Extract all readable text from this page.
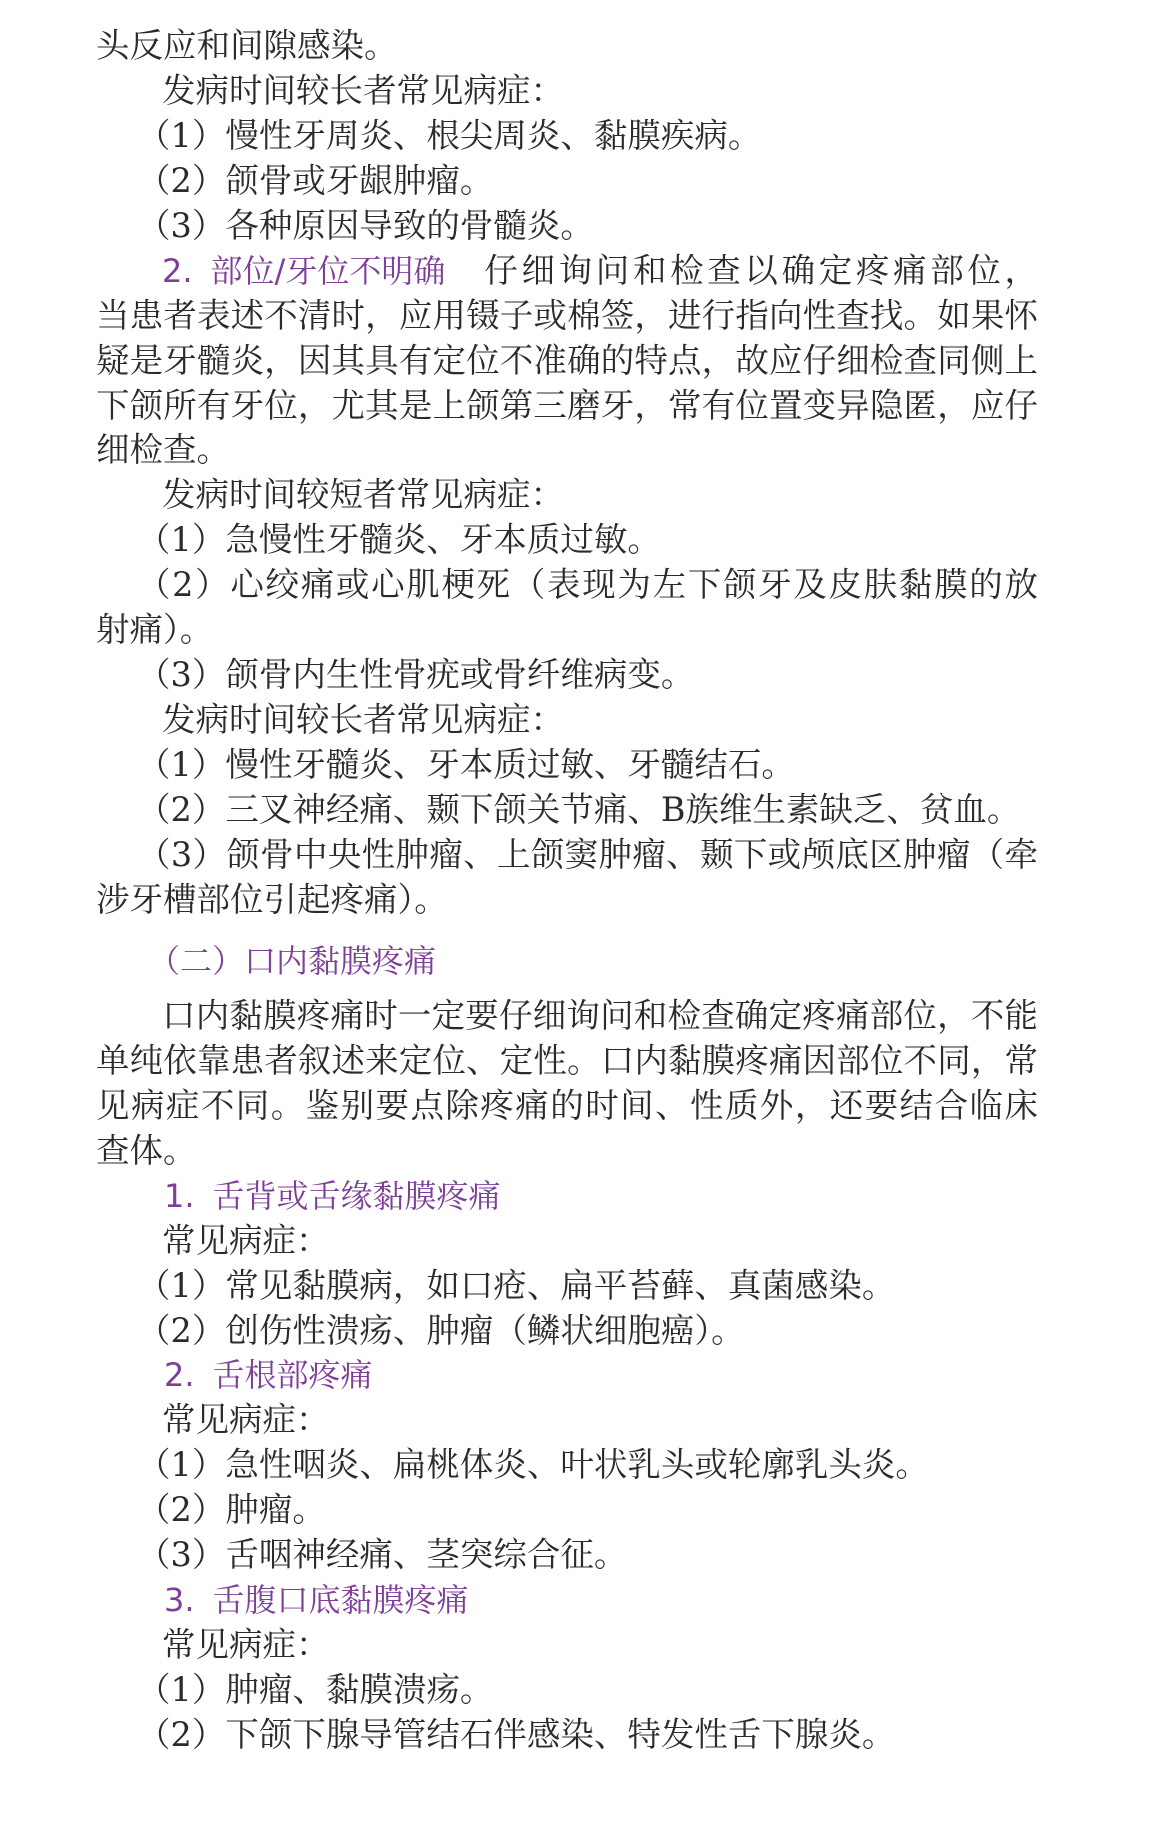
头反应和间隙感染。
发病时间较长者常见病症：
（1）慢性牙周炎、根尖周炎、黏膜疾病。
（2）颌骨或牙龈肿瘤。
（3）各种原因导致的骨髓炎。
2. 部位/牙位不明确 仔细询问和检查以确定疼痛部位，
当患者表述不清时，应用镊子或棉签，进行指向性查找。如果怀
疑是牙髓炎，因其具有定位不准确的特点，故应仔细检查同侧上
下颌所有牙位，尤其是上颌第三磨牙，常有位置变异隐匿，应仔
细检查。
发病时间较短者常见病症：
（1）急慢性牙髓炎、牙本质过敏。
（2）心绞痛或心肌梗死（表现为左下颌牙及皮肤黏膜的放
射痛）。
（3）颌骨内生性骨疣或骨纤维病变。
发病时间较长者常见病症：
（1）慢性牙髓炎、牙本质过敏、牙髓结石。
（2）三叉神经痛、颞下颌关节痛、B族维生素缺乏、贫血。
（3）颌骨中央性肿瘤、上颌窦肿瘤、颞下或颅底区肿瘤（牵
涉牙槽部位引起疼痛）。
（二）口内黏膜疼痛
口内黏膜疼痛时一定要仔细询问和检查确定疼痛部位，不能
单纯依靠患者叙述来定位、定性。口内黏膜疼痛因部位不同，常
见病症不同。鉴别要点除疼痛的时间、性质外，还要结合临床
查体。
1. 舌背或舌缘黏膜疼痛
常见病症：
（1）常见黏膜病，如口疮、扁平苔藓、真菌感染。
（2）创伤性溃疡、肿瘤（鳞状细胞癌）。
2. 舌根部疼痛
常见病症：
（1）急性咽炎、扁桃体炎、叶状乳头或轮廓乳头炎。
（2）肿瘤。
（3）舌咽神经痛、茎突综合征。
3. 舌腹口底黏膜疼痛
常见病症：
（1）肿瘤、黏膜溃疡。
（2）下颌下腺导管结石伴感染、特发性舌下腺炎。
